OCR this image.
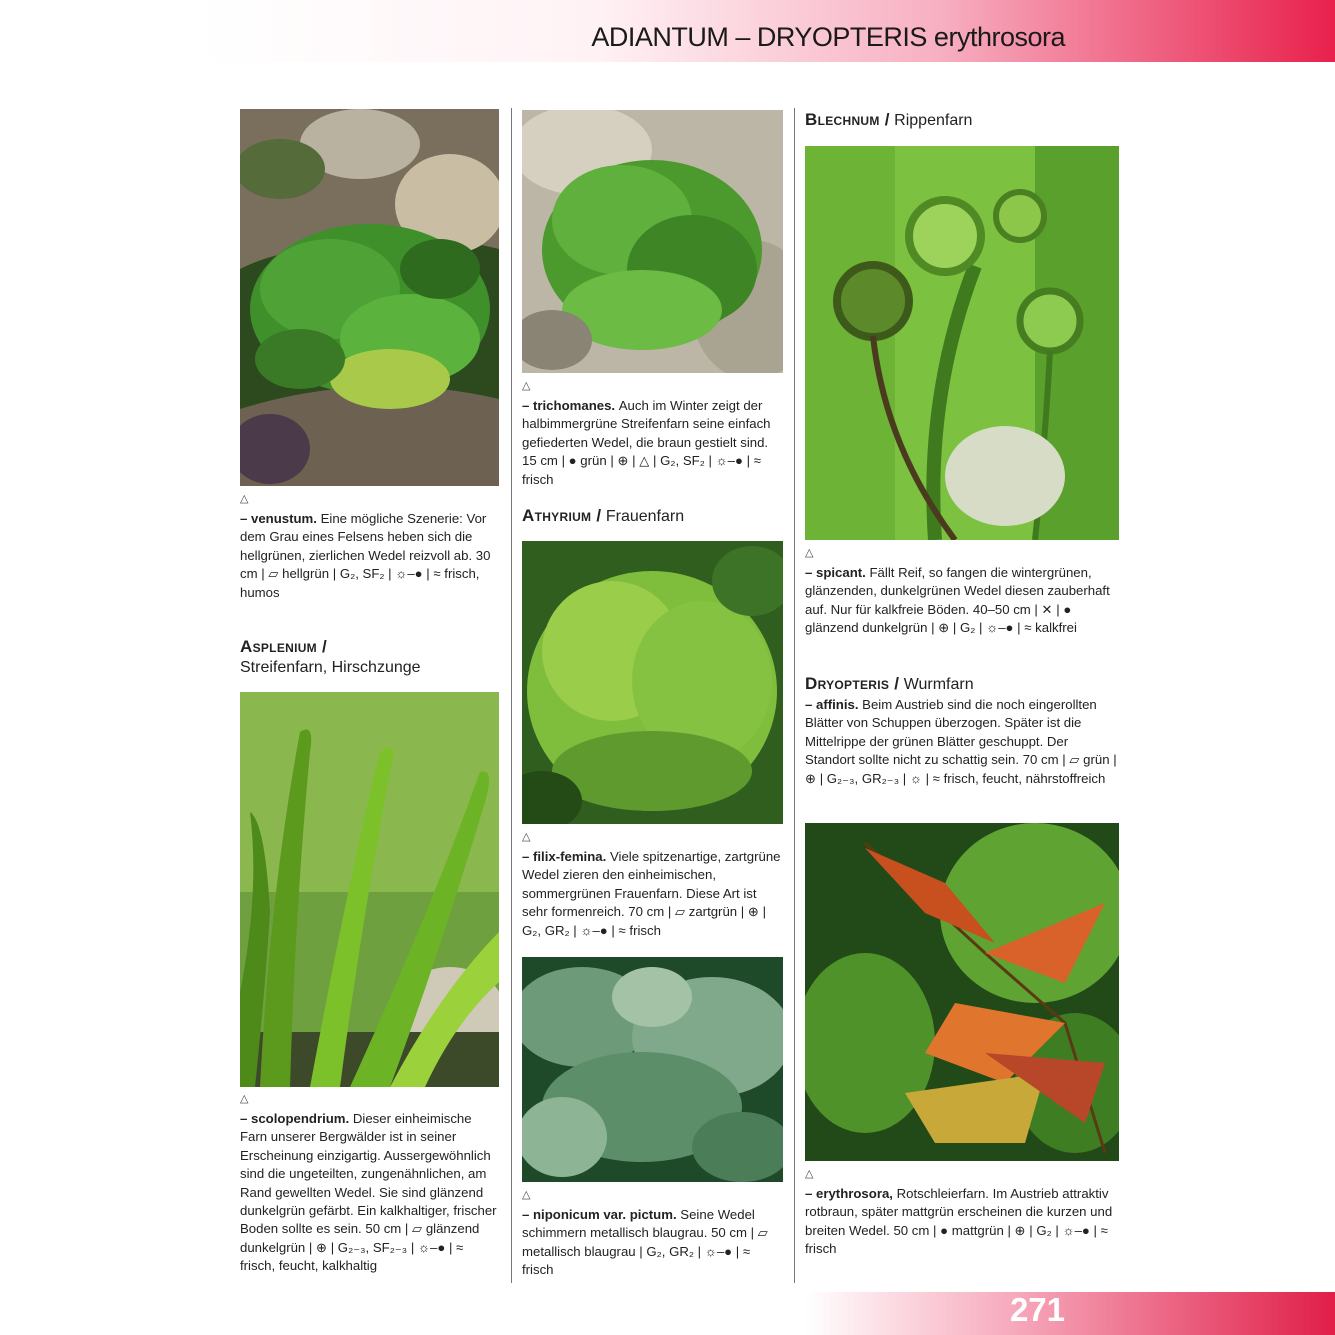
ADIANTUM – DRYOPTERIS erythrosora
△
– venustum. Eine mögliche Szenerie: Vor dem Grau eines Felsens heben sich die hellgrünen, zierlichen Wedel reizvoll ab. 30 cm | ▱ hellgrün | G₂, SF₂ | ☼–● | ≈ frisch, humos
Asplenium /
Streifenfarn, Hirschzunge
△
– scolopendrium. Dieser einheimische Farn unserer Bergwälder ist in seiner Erscheinung einzigartig. Aussergewöhnlich sind die ungeteilten, zungenähnlichen, am Rand gewellten Wedel. Sie sind glänzend dunkelgrün gefärbt. Ein kalkhaltiger, frischer Boden sollte es sein. 50 cm | ▱ glänzend dunkelgrün | ⊕ | G₂₋₃, SF₂₋₃ | ☼–● | ≈ frisch, feucht, kalkhaltig
△
– trichomanes. Auch im Winter zeigt der halbimmergrüne Streifenfarn seine einfach gefiederten Wedel, die braun gestielt sind. 15 cm | ● grün | ⊕ | △ | G₂, SF₂ | ☼–● | ≈ frisch
Athyrium / Frauenfarn
△
– filix-femina. Viele spitzenartige, zartgrüne Wedel zieren den einheimischen, sommergrünen Frauenfarn. Diese Art ist sehr formenreich. 70 cm | ▱ zartgrün | ⊕ | G₂, GR₂ | ☼–● | ≈ frisch
△
– niponicum var. pictum. Seine Wedel schimmern metallisch blaugrau. 50 cm | ▱ metallisch blaugrau | G₂, GR₂ | ☼–● | ≈ frisch
Blechnum / Rippenfarn
△
– spicant. Fällt Reif, so fangen die wintergrünen, glänzenden, dunkelgrünen Wedel diesen zauberhaft auf. Nur für kalkfreie Böden. 40–50 cm | ✕ | ● glänzend dunkelgrün | ⊕ | G₂ | ☼–● | ≈ kalkfrei
Dryopteris / Wurmfarn
– affinis. Beim Austrieb sind die noch eingerollten Blätter von Schuppen überzogen. Später ist die Mittelrippe der grünen Blätter geschuppt. Der Standort sollte nicht zu schattig sein. 70 cm | ▱ grün | ⊕ | G₂₋₃, GR₂₋₃ | ☼ | ≈ frisch, feucht, nährstoffreich
△
– erythrosora, Rotschleierfarn. Im Austrieb attraktiv rotbraun, später mattgrün erscheinen die kurzen und breiten Wedel. 50 cm | ● mattgrün | ⊕ | G₂ | ☼–● | ≈ frisch
271
